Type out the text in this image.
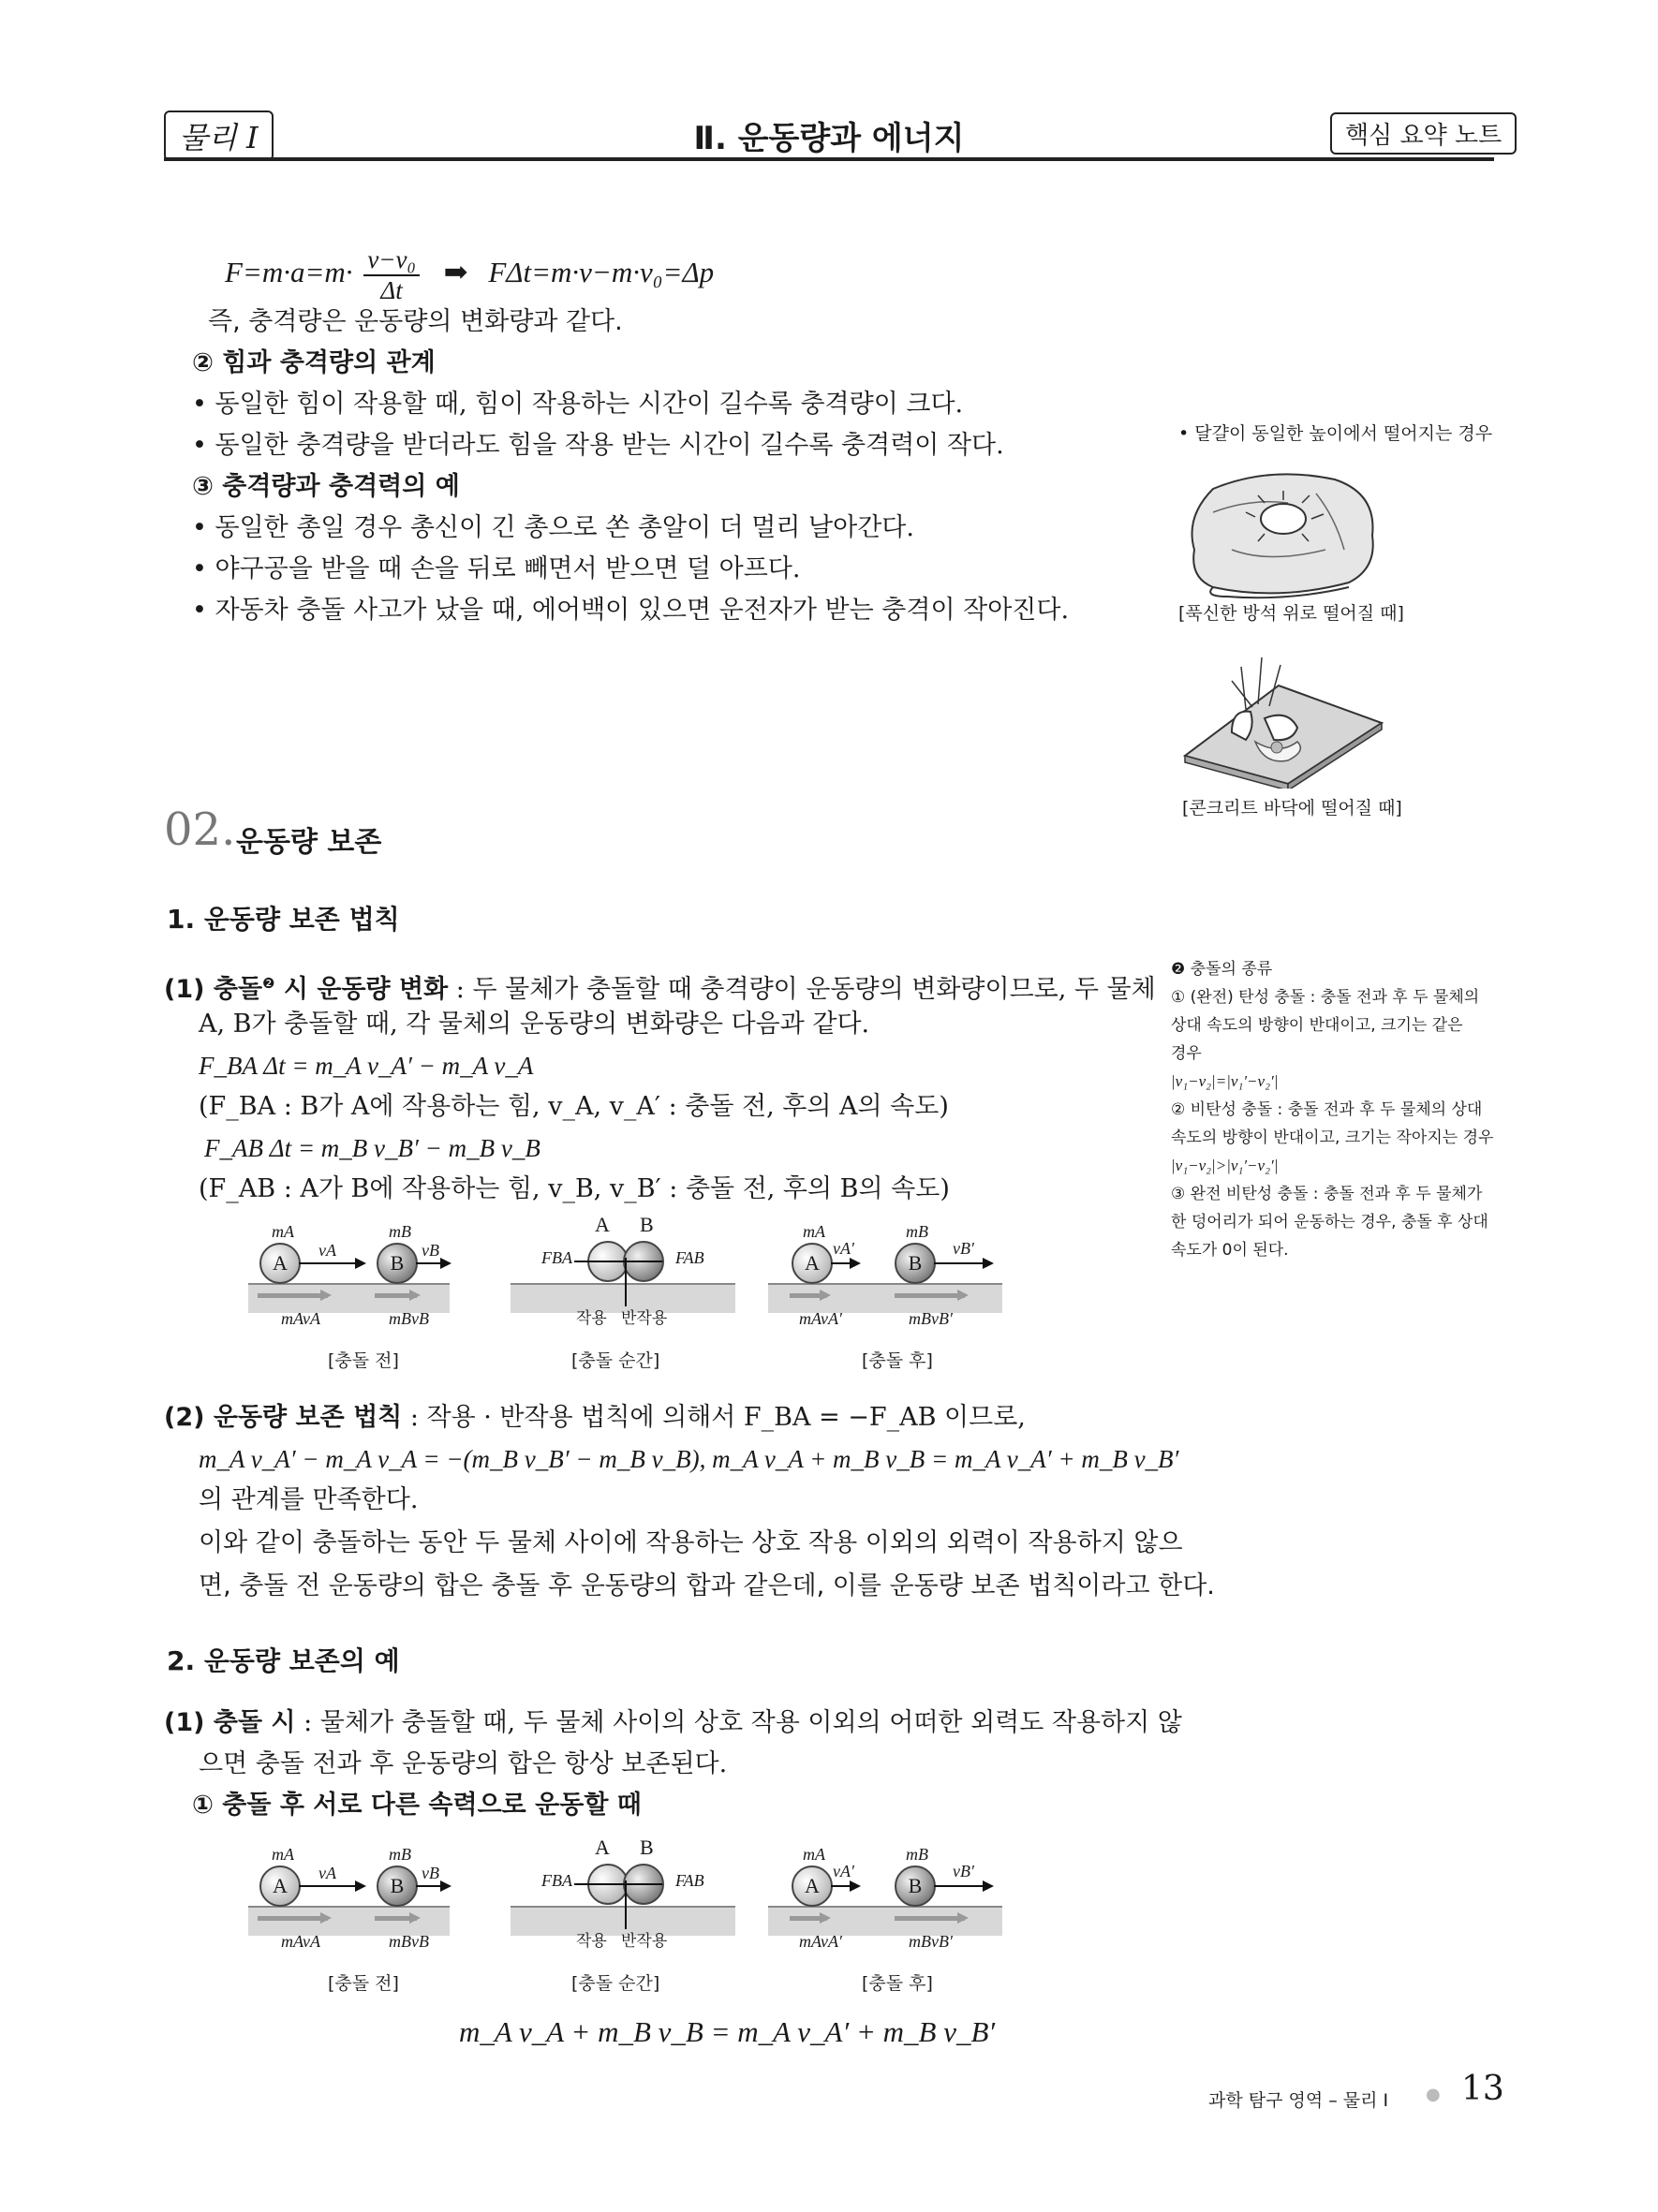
물리 I	Ⅱ. 운동량과 에너지	핵심 요약 노트
$F=m\cdot a=m\cdot \frac{\text{v−v₀}}{\Delta t}$ ➡ FΔt=m·v−m·v₀=Δp
즉, 충격량은 운동량의 변화량과 같다.
② 힘과 충격량의 관계
• 동일한 힘이 작용할 때, 힘이 작용하는 시간이 길수록 충격량이 크다.
• 동일한 충격량을 받더라도 힘을 작용 받는 시간이 길수록 충격력이 작다.
③ 충격량과 충격력의 예
• 동일한 총일 경우 총신이 긴 총으로 쏜 총알이 더 멀리 날아간다.
• 야구공을 받을 때 손을 뒤로 빼면서 받으면 덜 아프다.
• 자동차 충돌 사고가 났을 때, 에어백이 있으면 운전자가 받는 충격이 작아진다.
• 달걀이 동일한 높이에서 떨어지는 경우
[푹신한 방석 위로 떨어질 때]
[콘크리트 바닥에 떨어질 때]
02. 운동량 보존
1. 운동량 보존 법칙
(1) 충돌$^❷$ 시 운동량 변화 : 두 물체가 충돌할 때 충격량이 운동량의 변화량이므로, 두 물체
A, B가 충돌할 때, 각 물체의 운동량의 변화량은 다음과 같다.
F_BA Δt = m_A v_A′ − m_A v_A
(F_BA : B가 A에 작용하는 힘, v_A, v_A′ : 충돌 전, 후의 A의 속도)
F_AB Δt = m_B v_B′ − m_B v_B
(F_AB : A가 B에 작용하는 힘, v_B, v_B′ : 충돌 전, 후의 B의 속도)
mA	mB
A	B
vA	vB
mAvA	mBvB
[충돌 전]
A B
FBA	FAB
작용 반작용
[충돌 순간]
mA	mB
A	B
vA′	vB′
mAvA′	mBvB′
[충돌 후]
❷ 충돌의 종류
① (완전) 탄성 충돌 : 충돌 전과 후 두 물체의
상대 속도의 방향이 반대이고, 크기는 같은
경우
|v₁−v₂|=|v₁′−v₂′|
② 비탄성 충돌 : 충돌 전과 후 두 물체의 상대
속도의 방향이 반대이고, 크기는 작아지는 경우
|v₁−v₂|>|v₁′−v₂′|
③ 완전 비탄성 충돌 : 충돌 전과 후 두 물체가
한 덩어리가 되어 운동하는 경우, 충돌 후 상대
속도가 0이 된다.
(2) 운동량 보존 법칙 : 작용 · 반작용 법칙에 의해서 F_BA = −F_AB 이므로,
m_A v_A′ − m_A v_A = −(m_B v_B′ − m_B v_B), m_A v_A + m_B v_B = m_A v_A′ + m_B v_B′
의 관계를 만족한다.
이와 같이 충돌하는 동안 두 물체 사이에 작용하는 상호 작용 이외의 외력이 작용하지 않으
면, 충돌 전 운동량의 합은 충돌 후 운동량의 합과 같은데, 이를 운동량 보존 법칙이라고 한다.
2. 운동량 보존의 예
(1) 충돌 시 : 물체가 충돌할 때, 두 물체 사이의 상호 작용 이외의 어떠한 외력도 작용하지 않
으면 충돌 전과 후 운동량의 합은 항상 보존된다.
① 충돌 후 서로 다른 속력으로 운동할 때
mA	mB
A	B
vA	vB
mAvA	mBvB
[충돌 전]
A B
FBA	FAB
작용 반작용
[충돌 순간]
mA	mB
A	B
vA′	vB′
mAvA′	mBvB′
[충돌 후]
m_A v_A + m_B v_B = m_A v_A′ + m_B v_B′
과학 탐구 영역 – 물리 I ● 13
